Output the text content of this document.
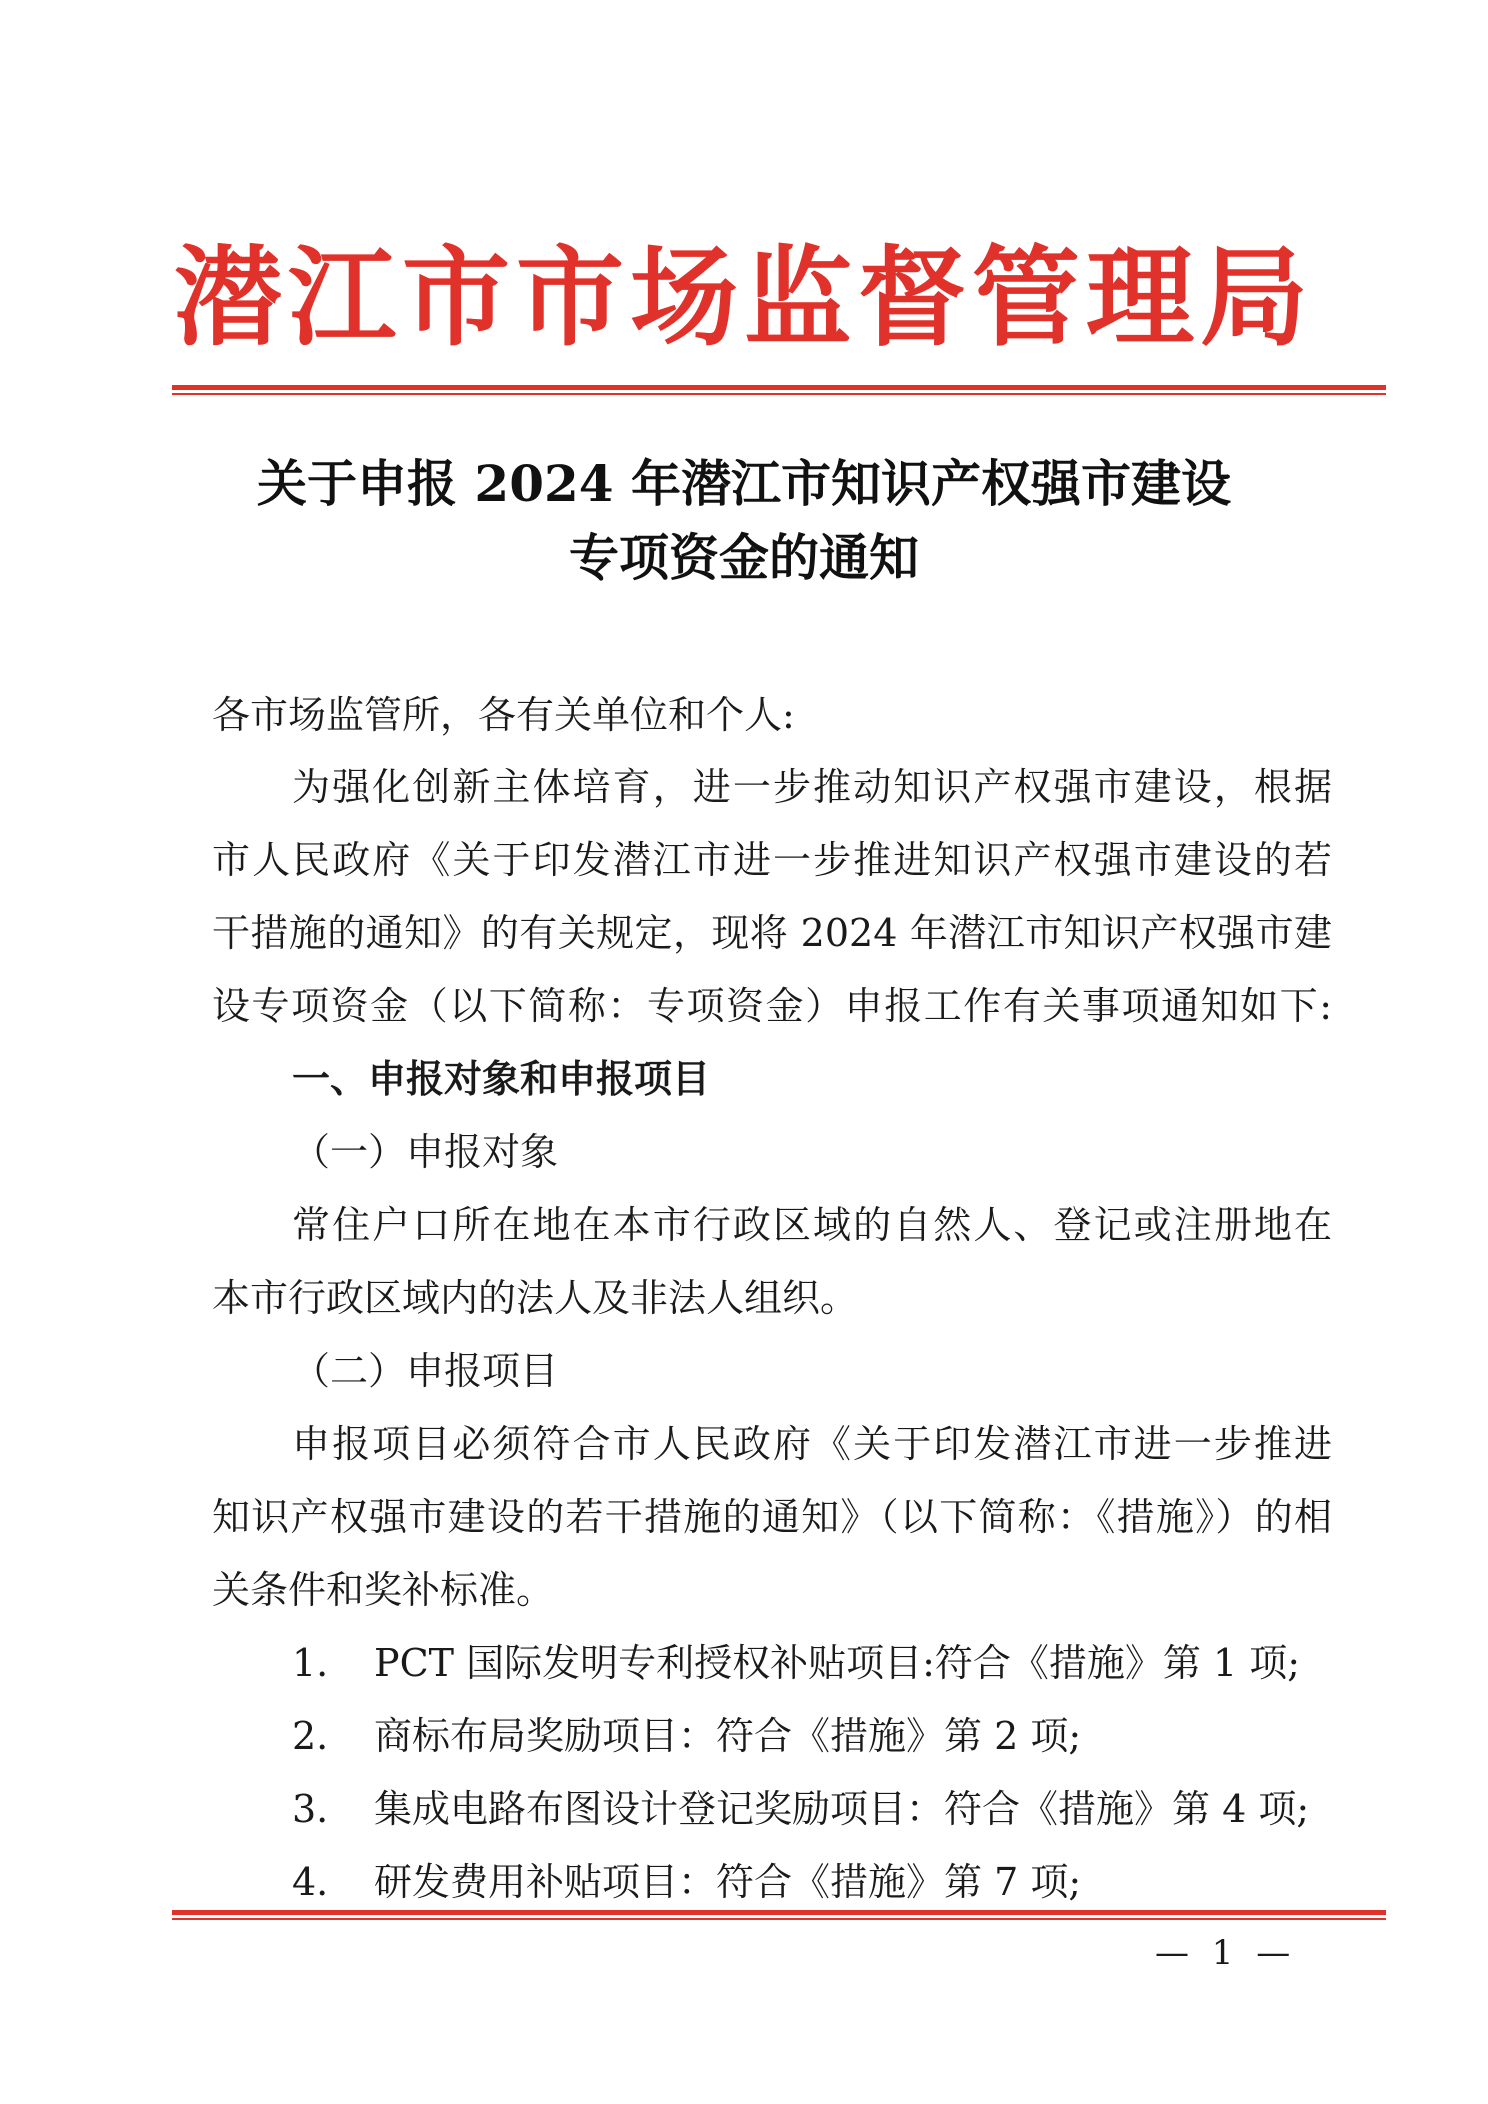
潜江市市场监督管理局
关于申报 2024 年潜江市知识产权强市建设
专项资金的通知
各市场监管所，各有关单位和个人:
为强化创新主体培育，进一步推动知识产权强市建设，根据
市人民政府《关于印发潜江市进一步推进知识产权强市建设的若
干措施的通知》的有关规定，现将 2024 年潜江市知识产权强市建
设专项资金（以下简称：专项资金）申报工作有关事项通知如下:
一、申报对象和申报项目
（一）申报对象
常住户口所在地在本市行政区域的自然人、登记或注册地在
本市行政区域内的法人及非法人组织。
（二）申报项目
申报项目必须符合市人民政府《关于印发潜江市进一步推进
知识产权强市建设的若干措施的通知》（以下简称：《措施》）的相
关条件和奖补标准。
1. PCT 国际发明专利授权补贴项目:符合《措施》第 1 项;
2. 商标布局奖励项目：符合《措施》第 2 项;
3. 集成电路布图设计登记奖励项目：符合《措施》第 4 项;
4. 研发费用补贴项目：符合《措施》第 7 项;
— 1 —
